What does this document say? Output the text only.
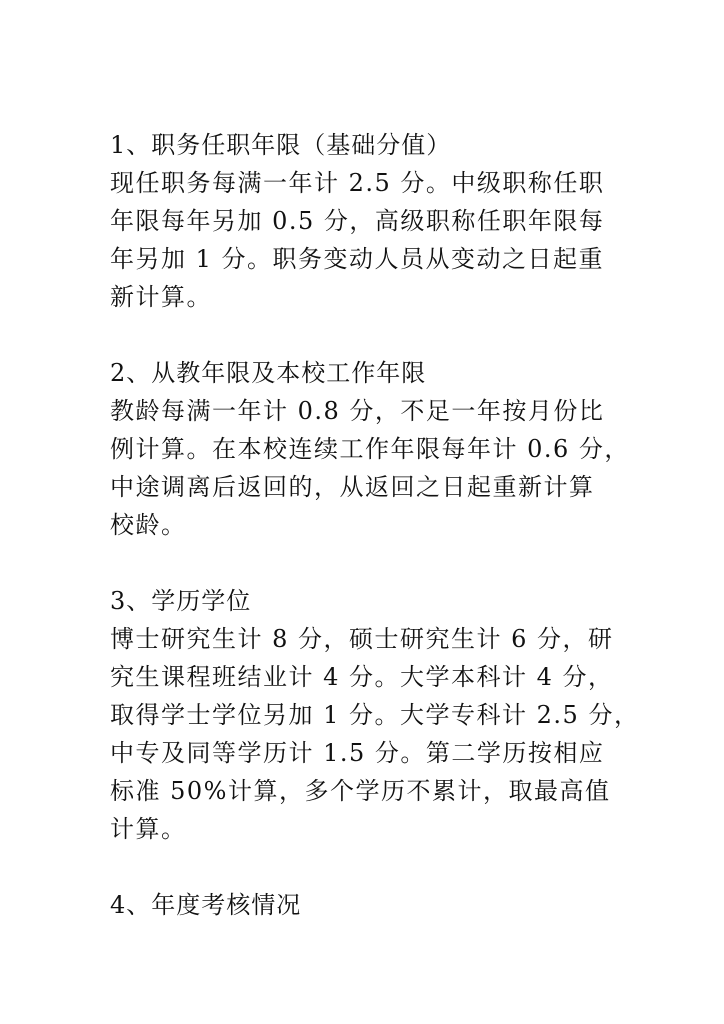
1、职务任职年限（基础分值）

现任职务每满一年计 2.5 分。中级职称任职

年限每年另加 0.5 分，高级职称任职年限每

年另加 1 分。职务变动人员从变动之日起重

新计算。

2、从教年限及本校工作年限

教龄每满一年计 0.8 分，不足一年按月份比

例计算。在本校连续工作年限每年计 0.6 分，

中途调离后返回的，从返回之日起重新计算

校龄。

3、学历学位

博士研究生计 8 分，硕士研究生计 6 分，研

究生课程班结业计 4 分。大学本科计 4 分，

取得学士学位另加 1 分。大学专科计 2.5 分，

中专及同等学历计 1.5 分。第二学历按相应

标准 50%计算，多个学历不累计，取最高值

计算。

4、年度考核情况
